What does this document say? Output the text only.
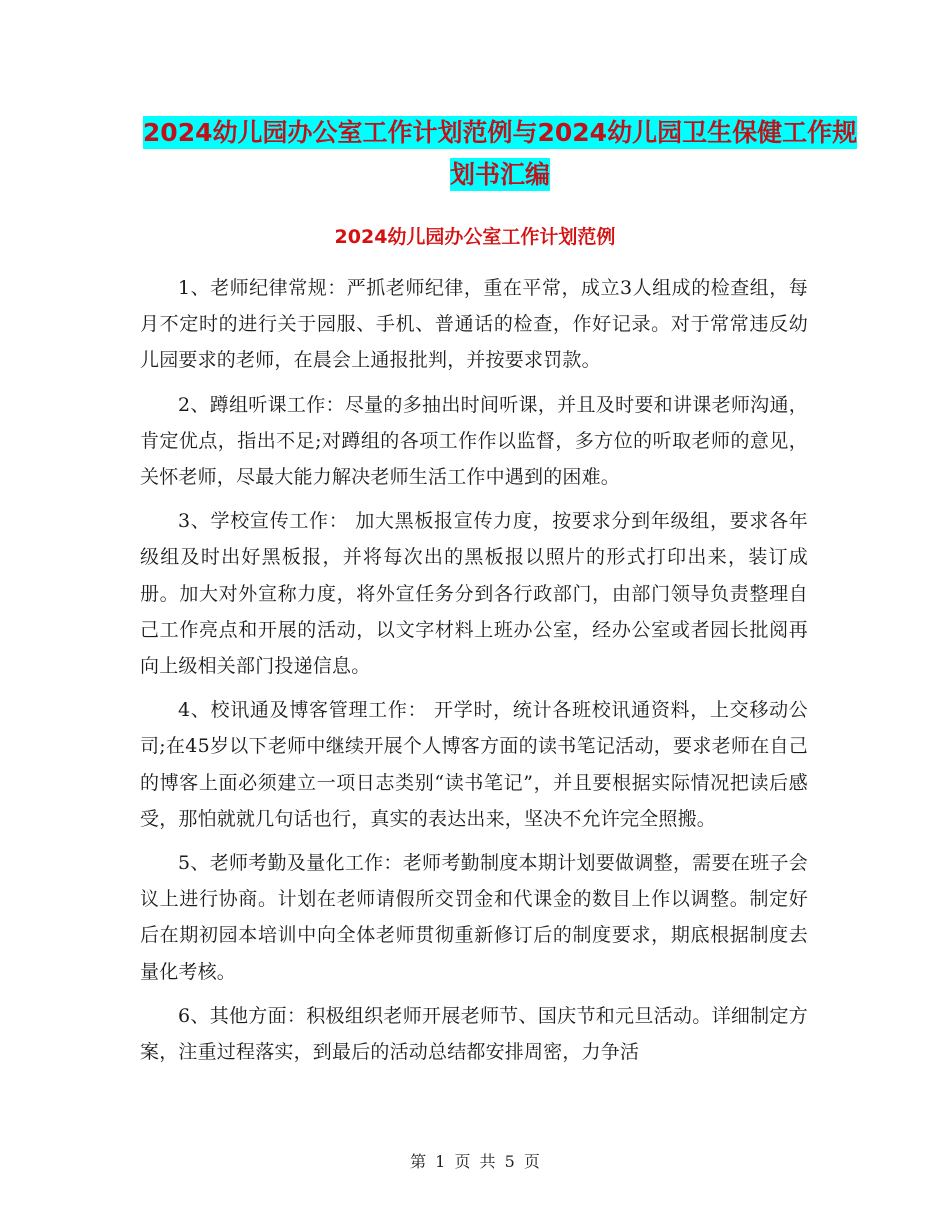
2024幼儿园办公室工作计划范例与2024幼儿园卫生保健工作规划书汇编
2024幼儿园办公室工作计划范例

1、老师纪律常规：严抓老师纪律，重在平常，成立3人组成的检查组，每月不定时的进行关于园服、手机、普通话的检查，作好记录。对于常常违反幼儿园要求的老师，在晨会上通报批判，并按要求罚款。

2、蹲组听课工作：尽量的多抽出时间听课，并且及时要和讲课老师沟通，肯定优点，指出不足;对蹲组的各项工作作以监督，多方位的听取老师的意见，关怀老师，尽最大能力解决老师生活工作中遇到的困难。

3、学校宣传工作： 加大黑板报宣传力度，按要求分到年级组，要求各年级组及时出好黑板报，并将每次出的黑板报以照片的形式打印出来，装订成册。加大对外宣称力度，将外宣任务分到各行政部门，由部门领导负责整理自己工作亮点和开展的活动，以文字材料上班办公室，经办公室或者园长批阅再向上级相关部门投递信息。

4、校讯通及博客管理工作： 开学时，统计各班校讯通资料，上交移动公司;在45岁以下老师中继续开展个人博客方面的读书笔记活动，要求老师在自己的博客上面必须建立一项日志类别“读书笔记”，并且要根据实际情况把读后感受，那怕就就几句话也行，真实的表达出来，坚决不允许完全照搬。

5、老师考勤及量化工作：老师考勤制度本期计划要做调整，需要在班子会议上进行协商。计划在老师请假所交罚金和代课金的数目上作以调整。制定好后在期初园本培训中向全体老师贯彻重新修订后的制度要求，期底根据制度去量化考核。

6、其他方面：积极组织老师开展老师节、国庆节和元旦活动。详细制定方案，注重过程落实，到最后的活动总结都安排周密，力争活

第 1 页 共 5 页
